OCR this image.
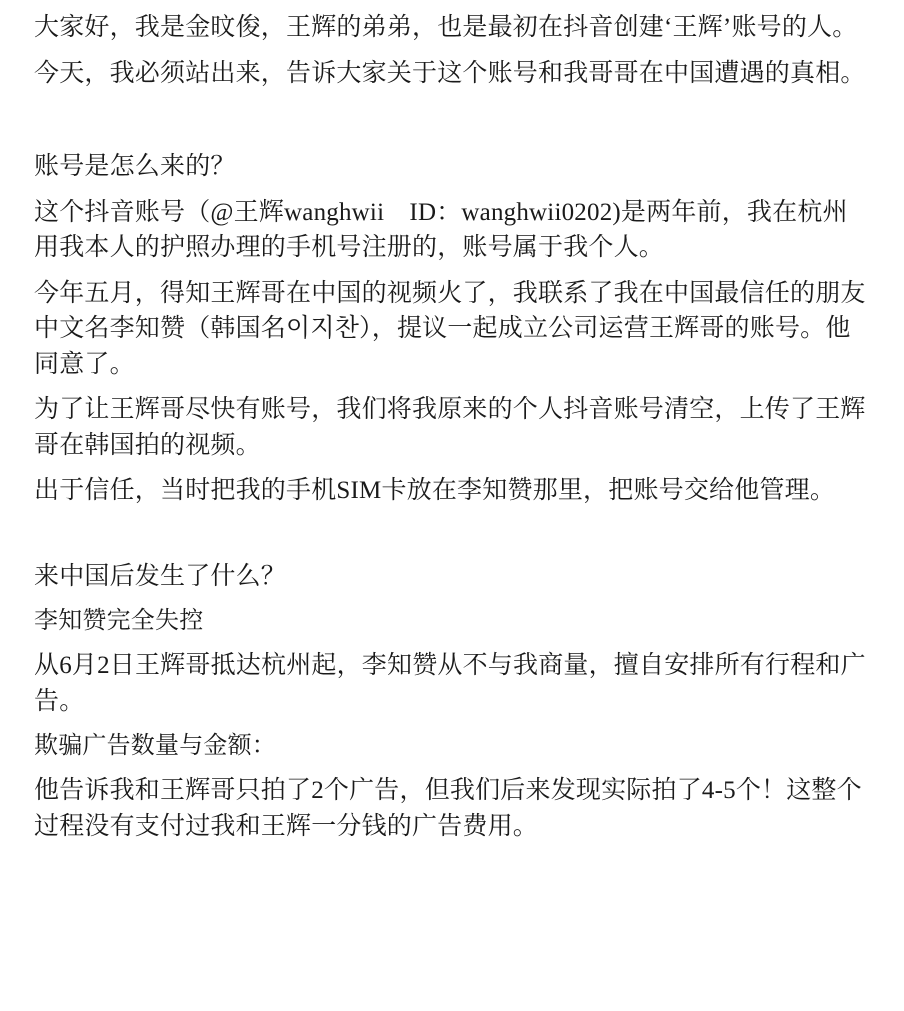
大家好，我是金旼俊，王辉的弟弟，也是最初在抖音创建‘王辉’账号的人。

今天，我必须站出来，告诉大家关于这个账号和我哥哥在中国遭遇的真相。

账号是怎么来的？

这个抖音账号（@王辉wanghwii　ID：wanghwii0202)是两年前，我在杭州用我本人的护照办理的手机号注册的，账号属于我个人。

今年五月，得知王辉哥在中国的视频火了，我联系了我在中国最信任的朋友中文名李知赞（韩国名이지찬），提议一起成立公司运营王辉哥的账号。他同意了。

为了让王辉哥尽快有账号，我们将我原来的个人抖音账号清空，上传了王辉哥在韩国拍的视频。

出于信任，当时把我的手机SIM卡放在李知赞那里，把账号交给他管理。

来中国后发生了什么？
李知赞完全失控

从6月2日王辉哥抵达杭州起，李知赞从不与我商量，擅自安排所有行程和广告。

欺骗广告数量与金额：

他告诉我和王辉哥只拍了2个广告，但我们后来发现实际拍了4-5个！这整个过程没有支付过我和王辉一分钱的广告费用。
